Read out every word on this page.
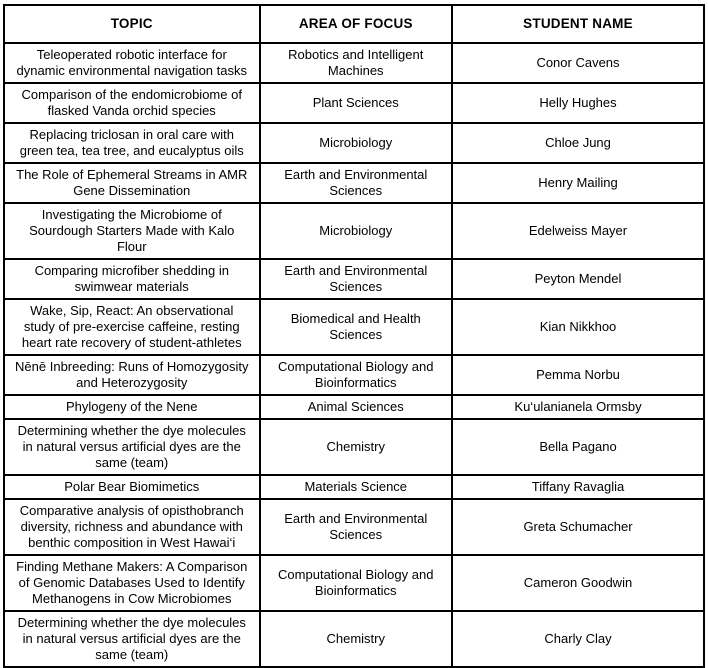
TOPIC	AREA OF FOCUS	STUDENT NAME
Teleoperated robotic interface for dynamic environmental navigation tasks	Robotics and Intelligent Machines	Conor Cavens
Comparison of the endomicrobiome of flasked Vanda orchid species	Plant Sciences	Helly Hughes
Replacing triclosan in oral care with green tea, tea tree, and eucalyptus oils	Microbiology	Chloe Jung
The Role of Ephemeral Streams in AMR Gene Dissemination	Earth and Environmental Sciences	Henry Mailing
Investigating the Microbiome of Sourdough Starters Made with Kalo Flour	Microbiology	Edelweiss Mayer
Comparing microfiber shedding in swimwear materials	Earth and Environmental Sciences	Peyton Mendel
Wake, Sip, React: An observational study of pre-exercise caffeine, resting heart rate recovery of student-athletes	Biomedical and Health Sciences	Kian Nikkhoo
Nēnē Inbreeding: Runs of Homozygosity and Heterozygosity	Computational Biology and Bioinformatics	Pemma Norbu
Phylogeny of the Nene	Animal Sciences	Ku‘ulanianela Ormsby
Determining whether the dye molecules in natural versus artificial dyes are the same (team)	Chemistry	Bella Pagano
Polar Bear Biomimetics	Materials Science	Tiffany Ravaglia
Comparative analysis of opisthobranch diversity, richness and abundance with benthic composition in West Hawai‘i	Earth and Environmental Sciences	Greta Schumacher
Finding Methane Makers: A Comparison of Genomic Databases Used to Identify Methanogens in Cow Microbiomes	Computational Biology and Bioinformatics	Cameron Goodwin
Determining whether the dye molecules in natural versus artificial dyes are the same (team)	Chemistry	Charly Clay
